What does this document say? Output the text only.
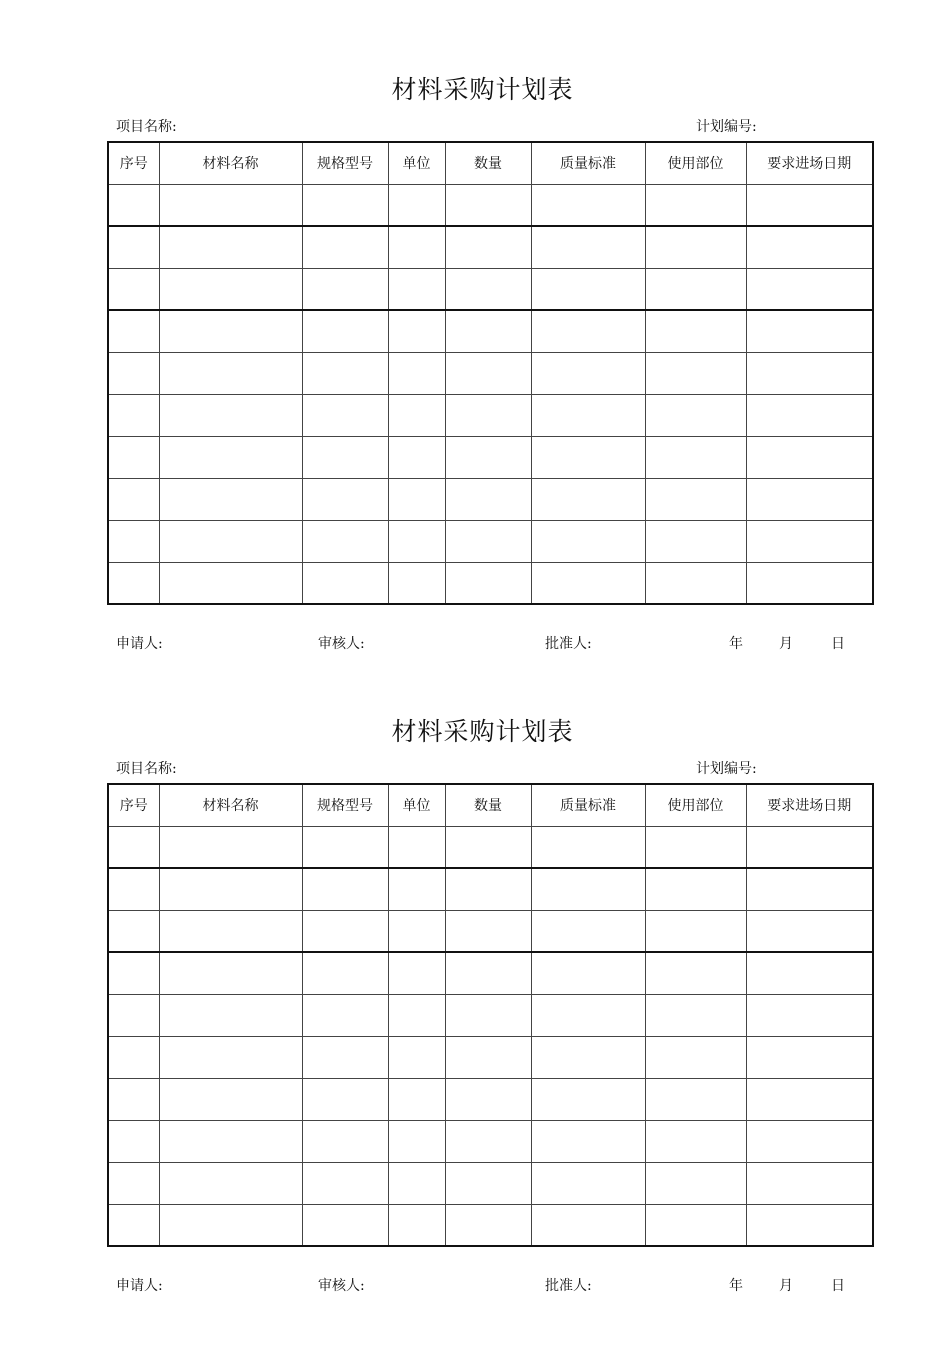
材料采购计划表
项目名称:	计划编号:
序号	材料名称	规格型号	单位	数量	质量标准	使用部位	要求进场日期

申请人:	审核人:	批准人:	年	月	日
材料采购计划表
项目名称:	计划编号:
序号	材料名称	规格型号	单位	数量	质量标准	使用部位	要求进场日期

申请人:	审核人:	批准人:	年	月	日
